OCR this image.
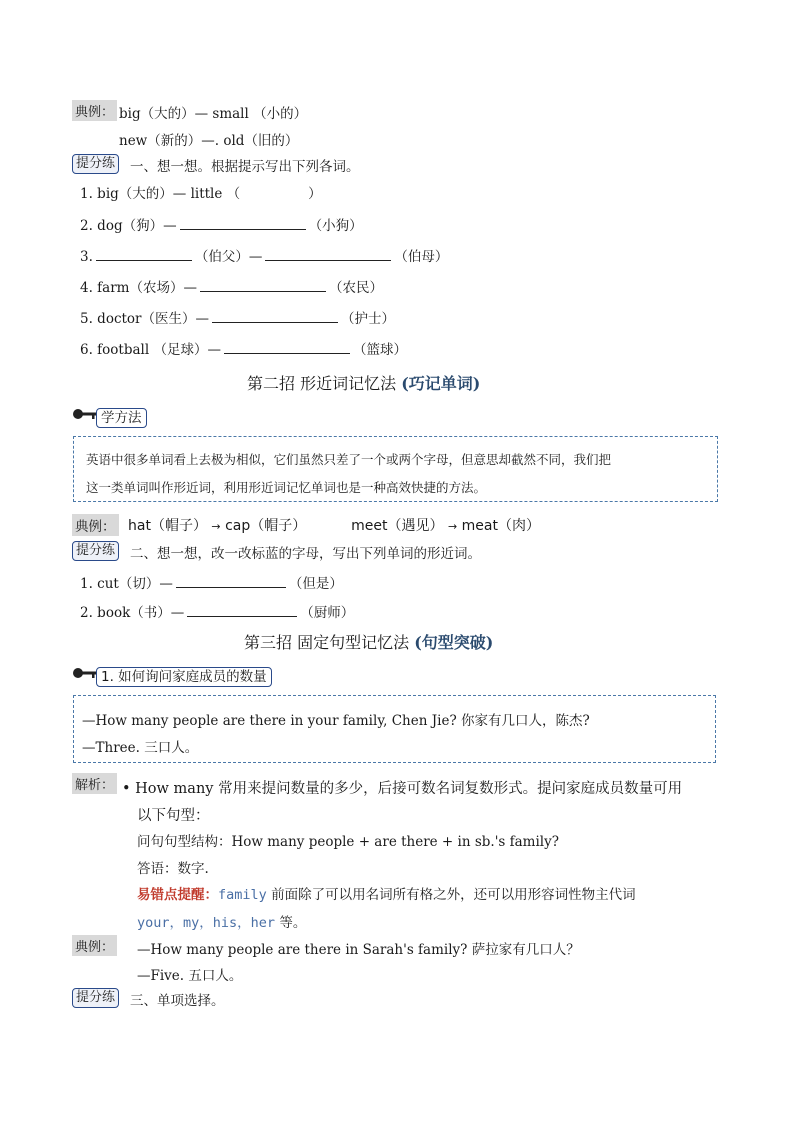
典例： big（大的）— small （小的）
new（新的）—. old（旧的）
提分练 一、想一想。根据提示写出下列各词。
1. big（大的）— little （	）
2. dog（狗）—	（小狗）
3.	（伯父）—	（伯母）
4. farm（农场）—	（农民）
5. doctor（医生）—	（护士）
6. football （足球）—	（篮球）
第二招 形近词记忆法 (巧记单词)
学方法
英语中很多单词看上去极为相似，它们虽然只差了一个或两个字母，但意思却截然不同，我们把
这一类单词叫作形近词，利用形近词记忆单词也是一种高效快捷的方法。
典例： hat（帽子） → cap（帽子）	meet（遇见） → meat（肉）
提分练 二、想一想，改一改标蓝的字母，写出下列单词的形近词。
1. cut（切）—	（但是）
2. book（书）—	（厨师）
第三招 固定句型记忆法 (句型突破)
1. 如何询问家庭成员的数量
—How many people are there in your family, Chen Jie? 你家有几口人，陈杰?
—Three. 三口人。
解析： • How many 常用来提问数量的多少，后接可数名词复数形式。提问家庭成员数量可用
以下句型：
问句句型结构：How many people + are there + in sb.'s family?
答语：数字.
易错点提醒：family 前面除了可以用名词所有格之外，还可以用形容词性物主代词
your，my，his，her 等。
典例： —How many people are there in Sarah's family? 萨拉家有几口人？
—Five. 五口人。
提分练 三、单项选择。
